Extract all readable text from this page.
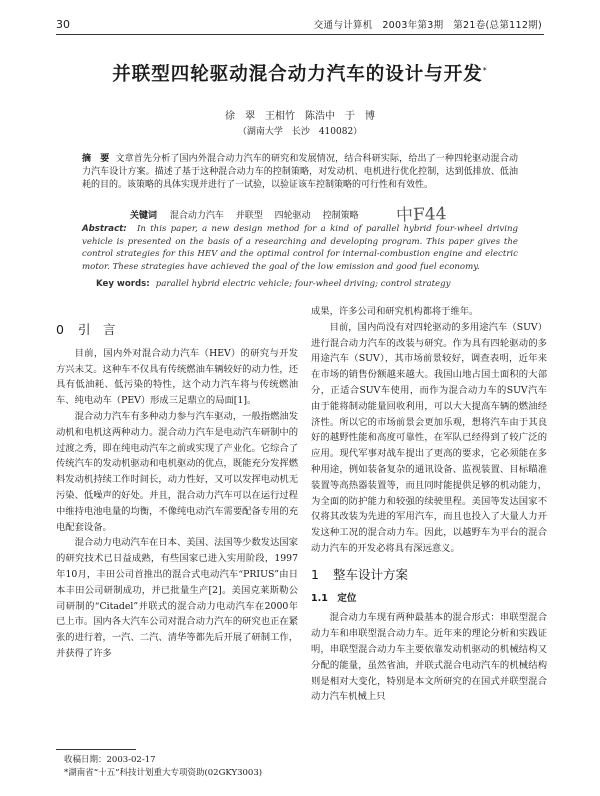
30	交通与计算机　2003年第3期　第21卷(总第112期)
并联型四轮驱动混合动力汽车的设计与开发*
徐　翠　王相竹　陈浩中　于　博
（湖南大学　长沙　410082）
摘　要 文章首先分析了国内外混合动力汽车的研究和发展情况，结合科研实际，给出了一种四轮驱动混合动力汽车设计方案。描述了基于这种混合动力车的控制策略，对发动机、电机进行优化控制，达到低排放、低油耗的目的。该策略的具体实现并进行了一试验，以验证该车控制策略的可行性和有效性。
关键词 混合动力汽车 并联型 四轮驱动 控制策略	中F44
Abstract: In this paper, a new design method for a kind of parallel hybrid four-wheel driving vehicle is presented on the basis of a researching and developing program. This paper gives the control strategies for this HEV and the optimal control for internal-combustion engine and electric motor. These strategies have achieved the goal of the low emission and good fuel economy.
Key words: parallel hybrid electric vehicle; four-wheel driving; control strategy
0 引　言

目前，国内外对混合动力汽车（HEV）的研究与开发方兴未艾。这种车不仅具有传统燃油车辆较好的动力性，还具有低油耗、低污染的特性，这个动力汽车将与传统燃油车、纯电动车（PEV）形成三足鼎立的局面[1]。

混合动力汽车有多种动力参与汽车驱动，一般指燃油发动机和电机这两种动力。混合动力汽车是电动汽车研制中的过渡之秀，即在纯电动汽车之前或实现了产业化。它综合了传统汽车的发动机驱动和电机驱动的优点，既能充分发挥燃料发动机持续工作时间长，动力性好，又可以发挥电动机无污染、低噪声的好处。并且，混合动力汽车可以在运行过程中维持电池电量的均衡，不像纯电动汽车需要配备专用的充电配套设备。

混合动力电动汽车在日本、美国、法国等少数发达国家的研究技术已日益成熟，有些国家已进入实用阶段，1997年10月，丰田公司首推出的混合式电动汽车“PRIUS”由日本丰田公司研制成功，并已批量生产[2]。美国克莱斯勒公司研制的“Citadel”并联式的混合动力电动汽车在2000年已上市。国内各大汽车公司对混合动力汽车的研究也正在紧张的进行着，一汽、二汽、清华等都先后开展了研制工作，并获得了许多

成果，许多公司和研究机构都将于维年。

目前，国内尚没有对四轮驱动的多用途汽车（SUV）进行混合动力汽车的改装与研究。作为具有四轮驱动的多用途汽车（SUV），其市场前景较好，调查表明，近年来在市场的销售份额越来越大。我国山地占国土面积的大部分，正适合SUV车使用，而作为混合动力车的SUV汽车由于能将制动能量回收利用，可以大大提高车辆的燃油经济性。所以它的市场前景会更加乐观，想将汽车由于其良好的越野性能和高度可靠性，在军队已经得到了较广泛的应用。现代军事对战车提出了更高的要求，它必须能在多种用途，例如装备复杂的通讯设备、监视装置、目标瞄准装置等高热器装置等，而且同时能提供足够的机动能力，为全面的防护能力和较强的续驶里程。美国等发达国家不仅将其改装为先进的军用汽车，而且也投入了大量人力开发这种工况的混合动力车。因此，以越野车为平台的混合动力汽车的开发必将具有深远意义。

1 整车设计方案
1.1　 定位

混合动力车现有两种最基本的混合形式：串联型混合动力车和串联型混合动力车。近年来的理论分析和实践证明，串联型混合动力车主要依靠发动机驱动的机械结构又分配的能量，虽然省油，并联式混合电动汽车的机械结构则是相对大变化，特别是本文所研究的在国式并联型混合动力汽车机械上只

收稿日期：2003-02-17
*湖南省“十五”科技计划重大专项资助(02GKY3003)
